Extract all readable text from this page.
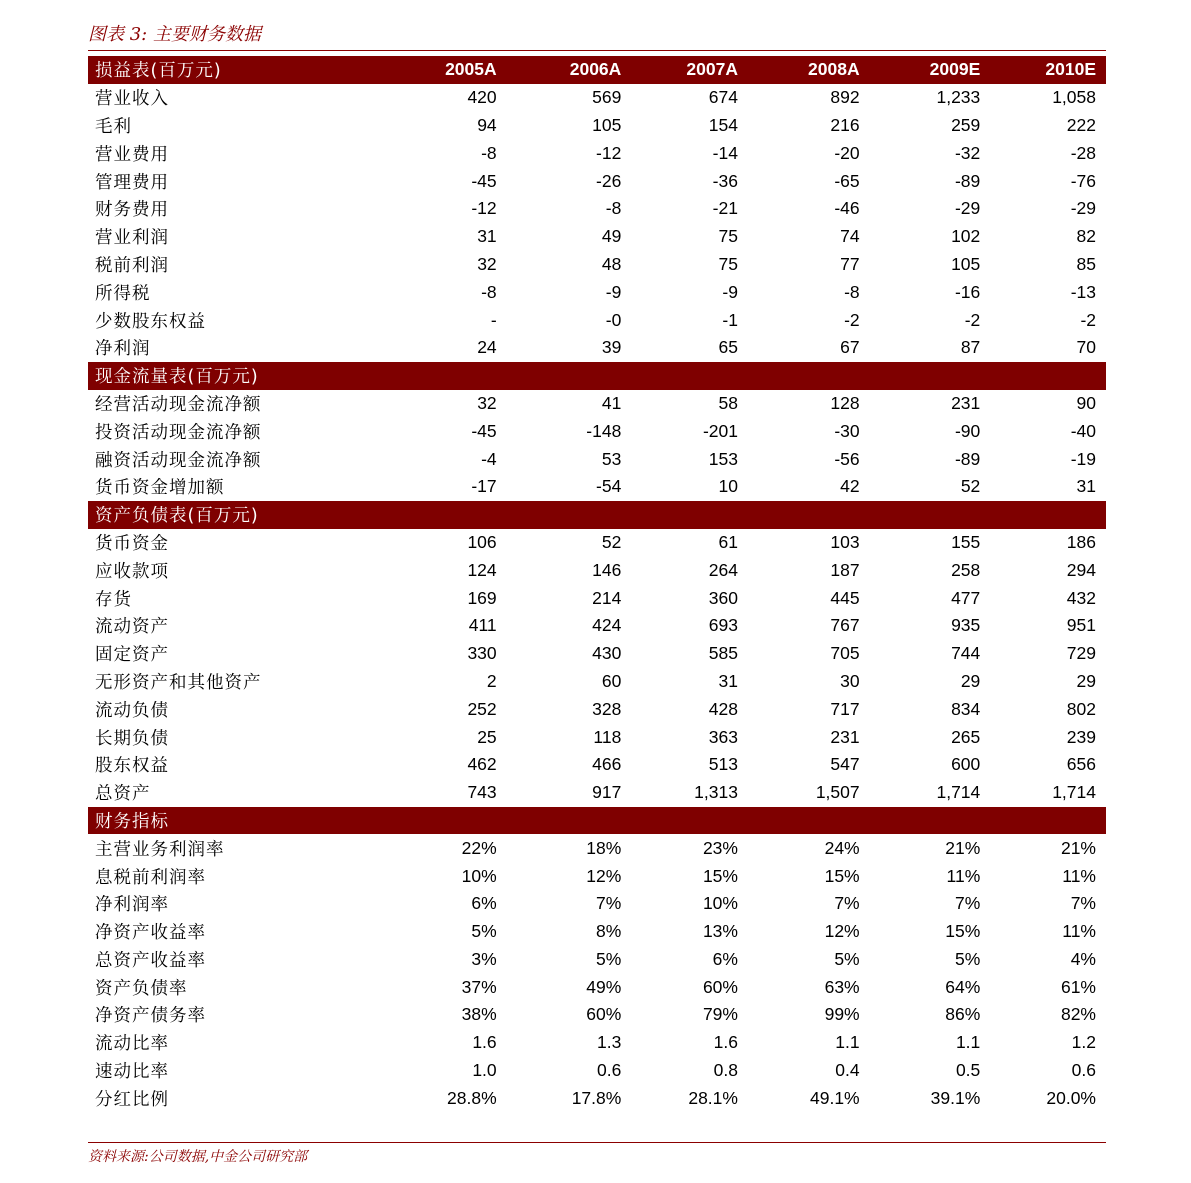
图表 3: 主要财务数据
损益表(百万元)	2005A	2006A	2007A	2008A	2009E	2010E
营业收入	420	569	674	892	1,233	1,058
毛利	94	105	154	216	259	222
营业费用	-8	-12	-14	-20	-32	-28
管理费用	-45	-26	-36	-65	-89	-76
财务费用	-12	-8	-21	-46	-29	-29
营业利润	31	49	75	74	102	82
税前利润	32	48	75	77	105	85
所得税	-8	-9	-9	-8	-16	-13
少数股东权益	-	-0	-1	-2	-2	-2
净利润	24	39	65	67	87	70
现金流量表(百万元)						
经营活动现金流净额	32	41	58	128	231	90
投资活动现金流净额	-45	-148	-201	-30	-90	-40
融资活动现金流净额	-4	53	153	-56	-89	-19
货币资金增加额	-17	-54	10	42	52	31
资产负债表(百万元)						
货币资金	106	52	61	103	155	186
应收款项	124	146	264	187	258	294
存货	169	214	360	445	477	432
流动资产	411	424	693	767	935	951
固定资产	330	430	585	705	744	729
无形资产和其他资产	2	60	31	30	29	29
流动负债	252	328	428	717	834	802
长期负债	25	118	363	231	265	239
股东权益	462	466	513	547	600	656
总资产	743	917	1,313	1,507	1,714	1,714
财务指标						
主营业务利润率	22%	18%	23%	24%	21%	21%
息税前利润率	10%	12%	15%	15%	11%	11%
净利润率	6%	7%	10%	7%	7%	7%
净资产收益率	5%	8%	13%	12%	15%	11%
总资产收益率	3%	5%	6%	5%	5%	4%
资产负债率	37%	49%	60%	63%	64%	61%
净资产债务率	38%	60%	79%	99%	86%	82%
流动比率	1.6	1.3	1.6	1.1	1.1	1.2
速动比率	1.0	0.6	0.8	0.4	0.5	0.6
分红比例	28.8%	17.8%	28.1%	49.1%	39.1%	20.0%
资料来源:公司数据,中金公司研究部
